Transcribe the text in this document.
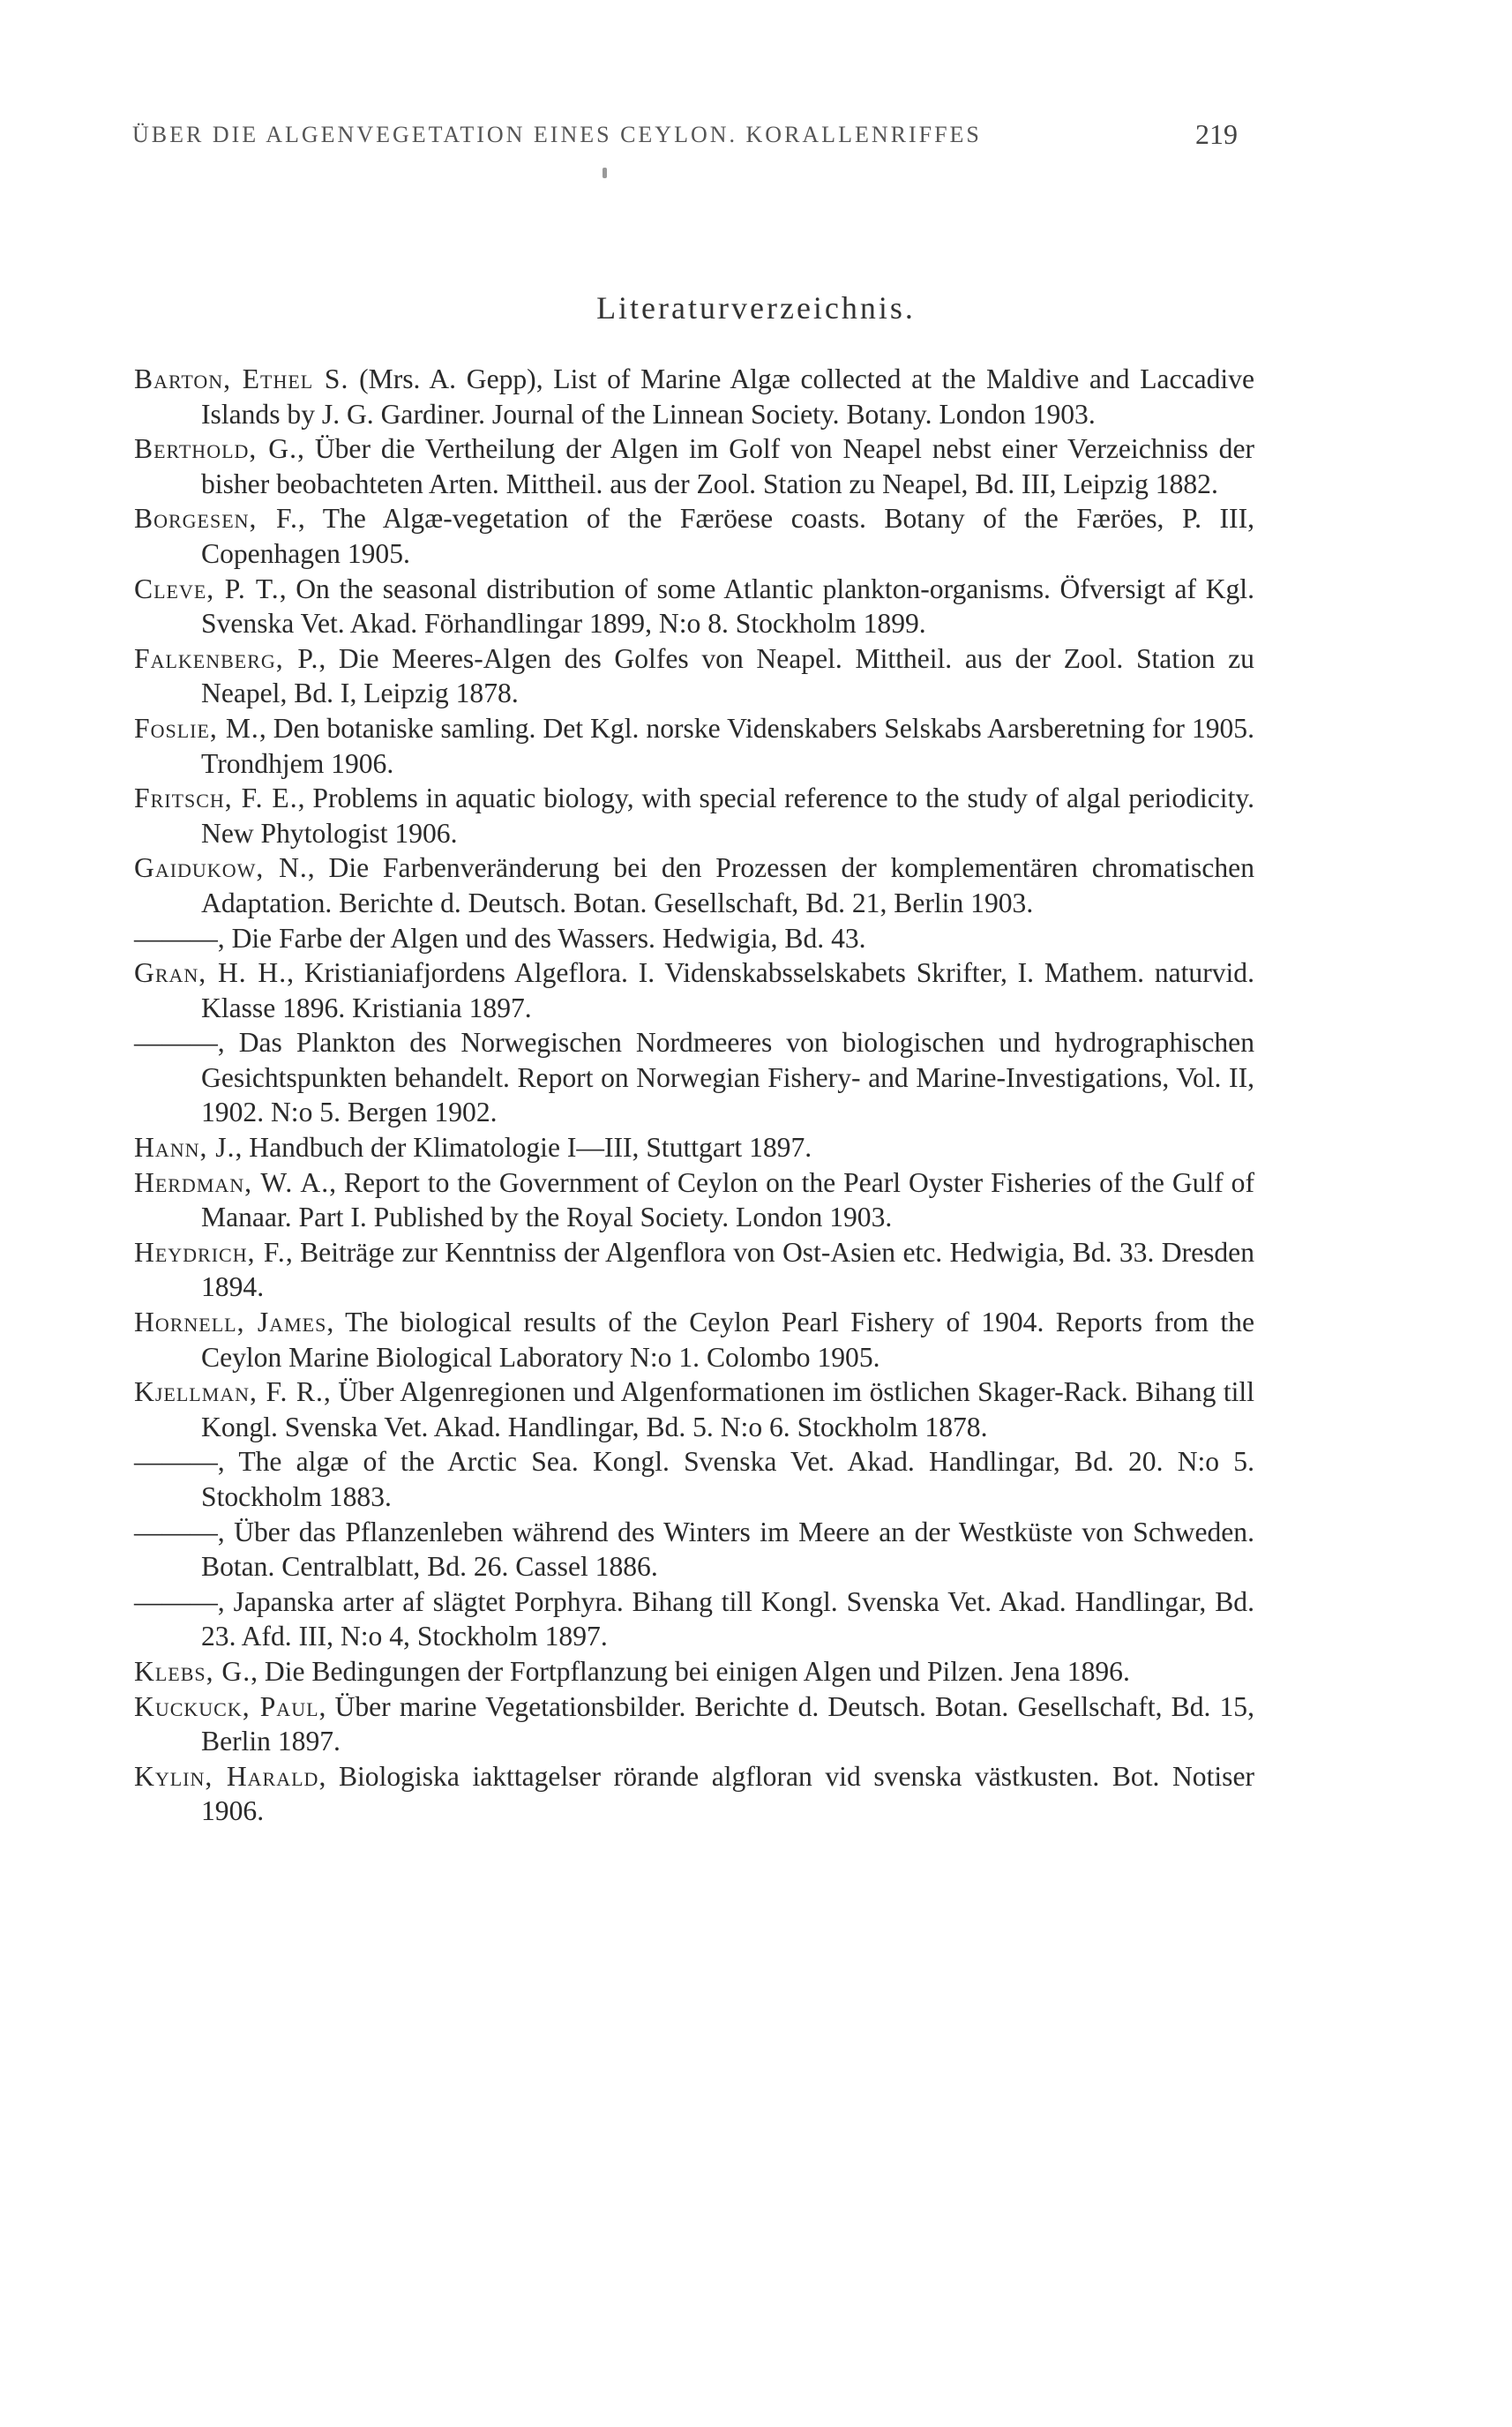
ÜBER DIE ALGENVEGETATION EINES CEYLON. KORALLENRIFFES	219
Literaturverzeichnis.

Barton, Ethel S. (Mrs. A. Gepp), List of Marine Algæ collected at the Maldive and Laccadive Islands by J. G. Gardiner. Journal of the Linnean Society. Botany. London 1903.

Berthold, G., Über die Vertheilung der Algen im Golf von Neapel nebst einer Verzeichniss der bisher beobachteten Arten. Mittheil. aus der Zool. Station zu Neapel, Bd. III, Leipzig 1882.

Borgesen, F., The Algæ-vegetation of the Færöese coasts. Botany of the Færöes, P. III, Copenhagen 1905.

Cleve, P. T., On the seasonal distribution of some Atlantic plankton-organisms. Öfversigt af Kgl. Svenska Vet. Akad. Förhandlingar 1899, N:o 8. Stockholm 1899.

Falkenberg, P., Die Meeres-Algen des Golfes von Neapel. Mittheil. aus der Zool. Station zu Neapel, Bd. I, Leipzig 1878.

Foslie, M., Den botaniske samling. Det Kgl. norske Videnskabers Selskabs Aarsberetning for 1905. Trondhjem 1906.

Fritsch, F. E., Problems in aquatic biology, with special reference to the study of algal periodicity. New Phytologist 1906.

Gaidukow, N., Die Farbenveränderung bei den Prozessen der komplementären chromatischen Adaptation. Berichte d. Deutsch. Botan. Gesellschaft, Bd. 21, Berlin 1903.

———, Die Farbe der Algen und des Wassers. Hedwigia, Bd. 43.

Gran, H. H., Kristianiafjordens Algeflora. I. Videnskabsselskabets Skrifter, I. Mathem. naturvid. Klasse 1896. Kristiania 1897.

———, Das Plankton des Norwegischen Nordmeeres von biologischen und hydrographischen Gesichtspunkten behandelt. Report on Norwegian Fishery- and Marine-Investigations, Vol. II, 1902. N:o 5. Bergen 1902.

Hann, J., Handbuch der Klimatologie I—III, Stuttgart 1897.

Herdman, W. A., Report to the Government of Ceylon on the Pearl Oyster Fisheries of the Gulf of Manaar. Part I. Published by the Royal Society. London 1903.

Heydrich, F., Beiträge zur Kenntniss der Algenflora von Ost-Asien etc. Hedwigia, Bd. 33. Dresden 1894.

Hornell, James, The biological results of the Ceylon Pearl Fishery of 1904. Reports from the Ceylon Marine Biological Laboratory N:o 1. Colombo 1905.

Kjellman, F. R., Über Algenregionen und Algenformationen im östlichen Skager-Rack. Bihang till Kongl. Svenska Vet. Akad. Handlingar, Bd. 5. N:o 6. Stockholm 1878.

———, The algæ of the Arctic Sea. Kongl. Svenska Vet. Akad. Handlingar, Bd. 20. N:o 5. Stockholm 1883.

———, Über das Pflanzenleben während des Winters im Meere an der Westküste von Schweden. Botan. Centralblatt, Bd. 26. Cassel 1886.

———, Japanska arter af slägtet Porphyra. Bihang till Kongl. Svenska Vet. Akad. Handlingar, Bd. 23. Afd. III, N:o 4, Stockholm 1897.

Klebs, G., Die Bedingungen der Fortpflanzung bei einigen Algen und Pilzen. Jena 1896.

Kuckuck, Paul, Über marine Vegetationsbilder. Berichte d. Deutsch. Botan. Gesellschaft, Bd. 15, Berlin 1897.

Kylin, Harald, Biologiska iakttagelser rörande algfloran vid svenska västkusten. Bot. Notiser 1906.
